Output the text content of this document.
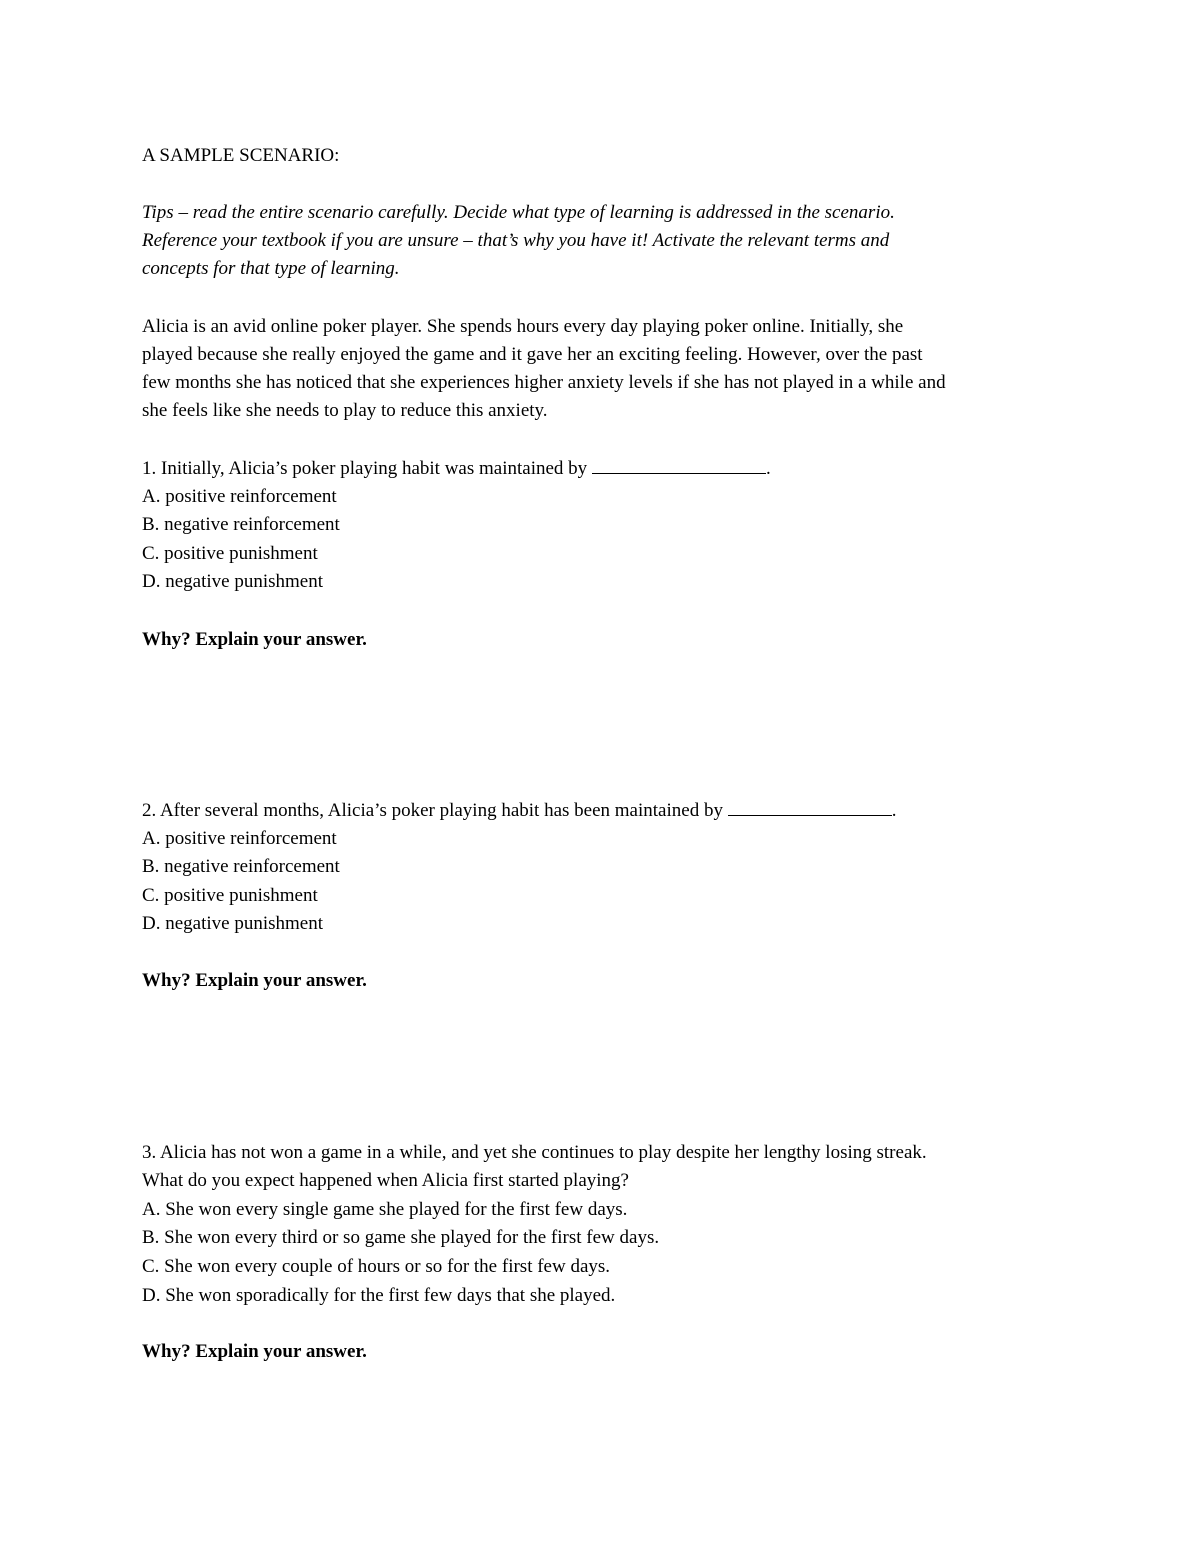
A SAMPLE SCENARIO:
Tips – read the entire scenario carefully. Decide what type of learning is addressed in the scenario.
Reference your textbook if you are unsure – that’s why you have it! Activate the relevant terms and
concepts for that type of learning.
Alicia is an avid online poker player. She spends hours every day playing poker online. Initially, she
played because she really enjoyed the game and it gave her an exciting feeling. However, over the past
few months she has noticed that she experiences higher anxiety levels if she has not played in a while and
she feels like she needs to play to reduce this anxiety.
1. Initially, Alicia’s poker playing habit was maintained by	.
A. positive reinforcement
B. negative reinforcement
C. positive punishment
D. negative punishment
Why? Explain your answer.
2. After several months, Alicia’s poker playing habit has been maintained by	.
A. positive reinforcement
B. negative reinforcement
C. positive punishment
D. negative punishment
Why? Explain your answer.
3. Alicia has not won a game in a while, and yet she continues to play despite her lengthy losing streak.
What do you expect happened when Alicia first started playing?
A. She won every single game she played for the first few days.
B. She won every third or so game she played for the first few days.
C. She won every couple of hours or so for the first few days.
D. She won sporadically for the first few days that she played.
Why? Explain your answer.
